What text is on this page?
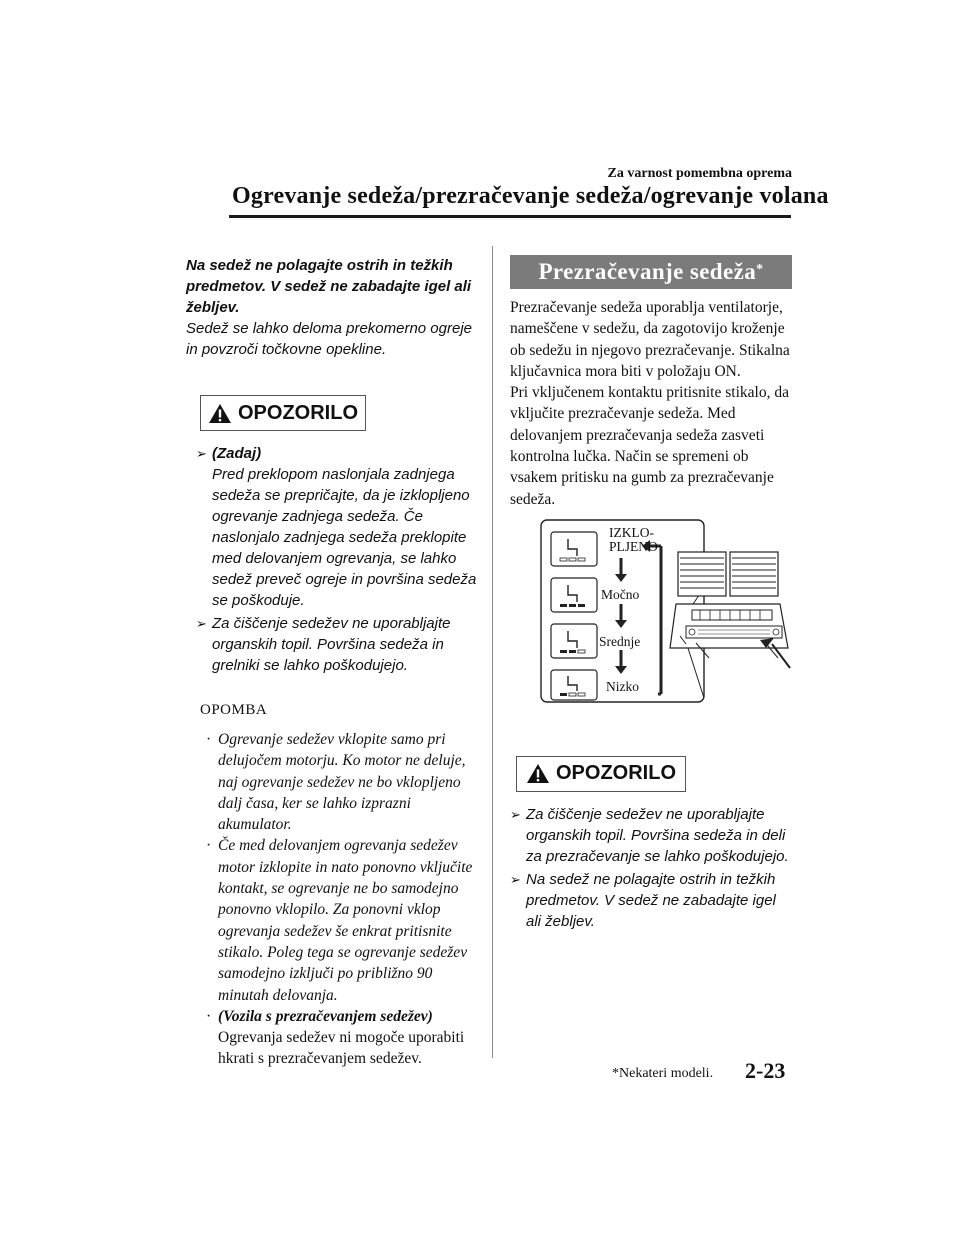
Za varnost pomembna oprema
Ogrevanje sedeža/prezračevanje sedeža/ogrevanje volana
Na sedež ne polagajte ostrih in težkih predmetov. V sedež ne zabadajte igel ali žebljev.
Sedež se lahko deloma prekomerno ogreje in povzroči točkovne opekline.
OPOZORILO
➢ (Zadaj)
Pred preklopom naslonjala zadnjega sedeža se prepričajte, da je izklopljeno ogrevanje zadnjega sedeža. Če naslonjalo zadnjega sedeža preklopite med delovanjem ogrevanja, se lahko sedež preveč ogreje in površina sedeža se poškoduje.
➢ Za čiščenje sedežev ne uporabljajte organskih topil. Površina sedeža in grelniki se lahko poškodujejo.
OPOMBA
· Ogrevanje sedežev vklopite samo pri delujočem motorju. Ko motor ne deluje, naj ogrevanje sedežev ne bo vklopljeno dalj časa, ker se lahko izprazni akumulator.
· Če med delovanjem ogrevanja sedežev motor izklopite in nato ponovno vključite kontakt, se ogrevanje ne bo samodejno ponovno vklopilo. Za ponovni vklop ogrevanja sedežev še enkrat pritisnite stikalo. Poleg tega se ogrevanje sedežev samodejno izključi po približno 90 minutah delovanja.
· (Vozila s prezračevanjem sedežev)
Ogrevanja sedežev ni mogoče uporabiti hkrati s prezračevanjem sedežev.
Prezračevanje sedeža*

Prezračevanje sedeža uporablja ventilatorje, nameščene v sedežu, da zagotovijo kroženje ob sedežu in njegovo prezračevanje. Stikalna ključavnica mora biti v položaju ON.

Pri vključenem kontaktu pritisnite stikalo, da vključite prezračevanje sedeža. Med delovanjem prezračevanja sedeža zasveti kontrolna lučka. Način se spremeni ob vsakem pritisku na gumb za prezračevanje sedeža.

IZKLO-
PLJENO
Močno
Srednje
Nizko
OPOZORILO
➢ Za čiščenje sedežev ne uporabljajte organskih topil. Površina sedeža in deli za prezračevanje se lahko poškodujejo.
➢ Na sedež ne polagajte ostrih in težkih predmetov. V sedež ne zabadajte igel ali žebljev.
*Nekateri modeli. 2-23
